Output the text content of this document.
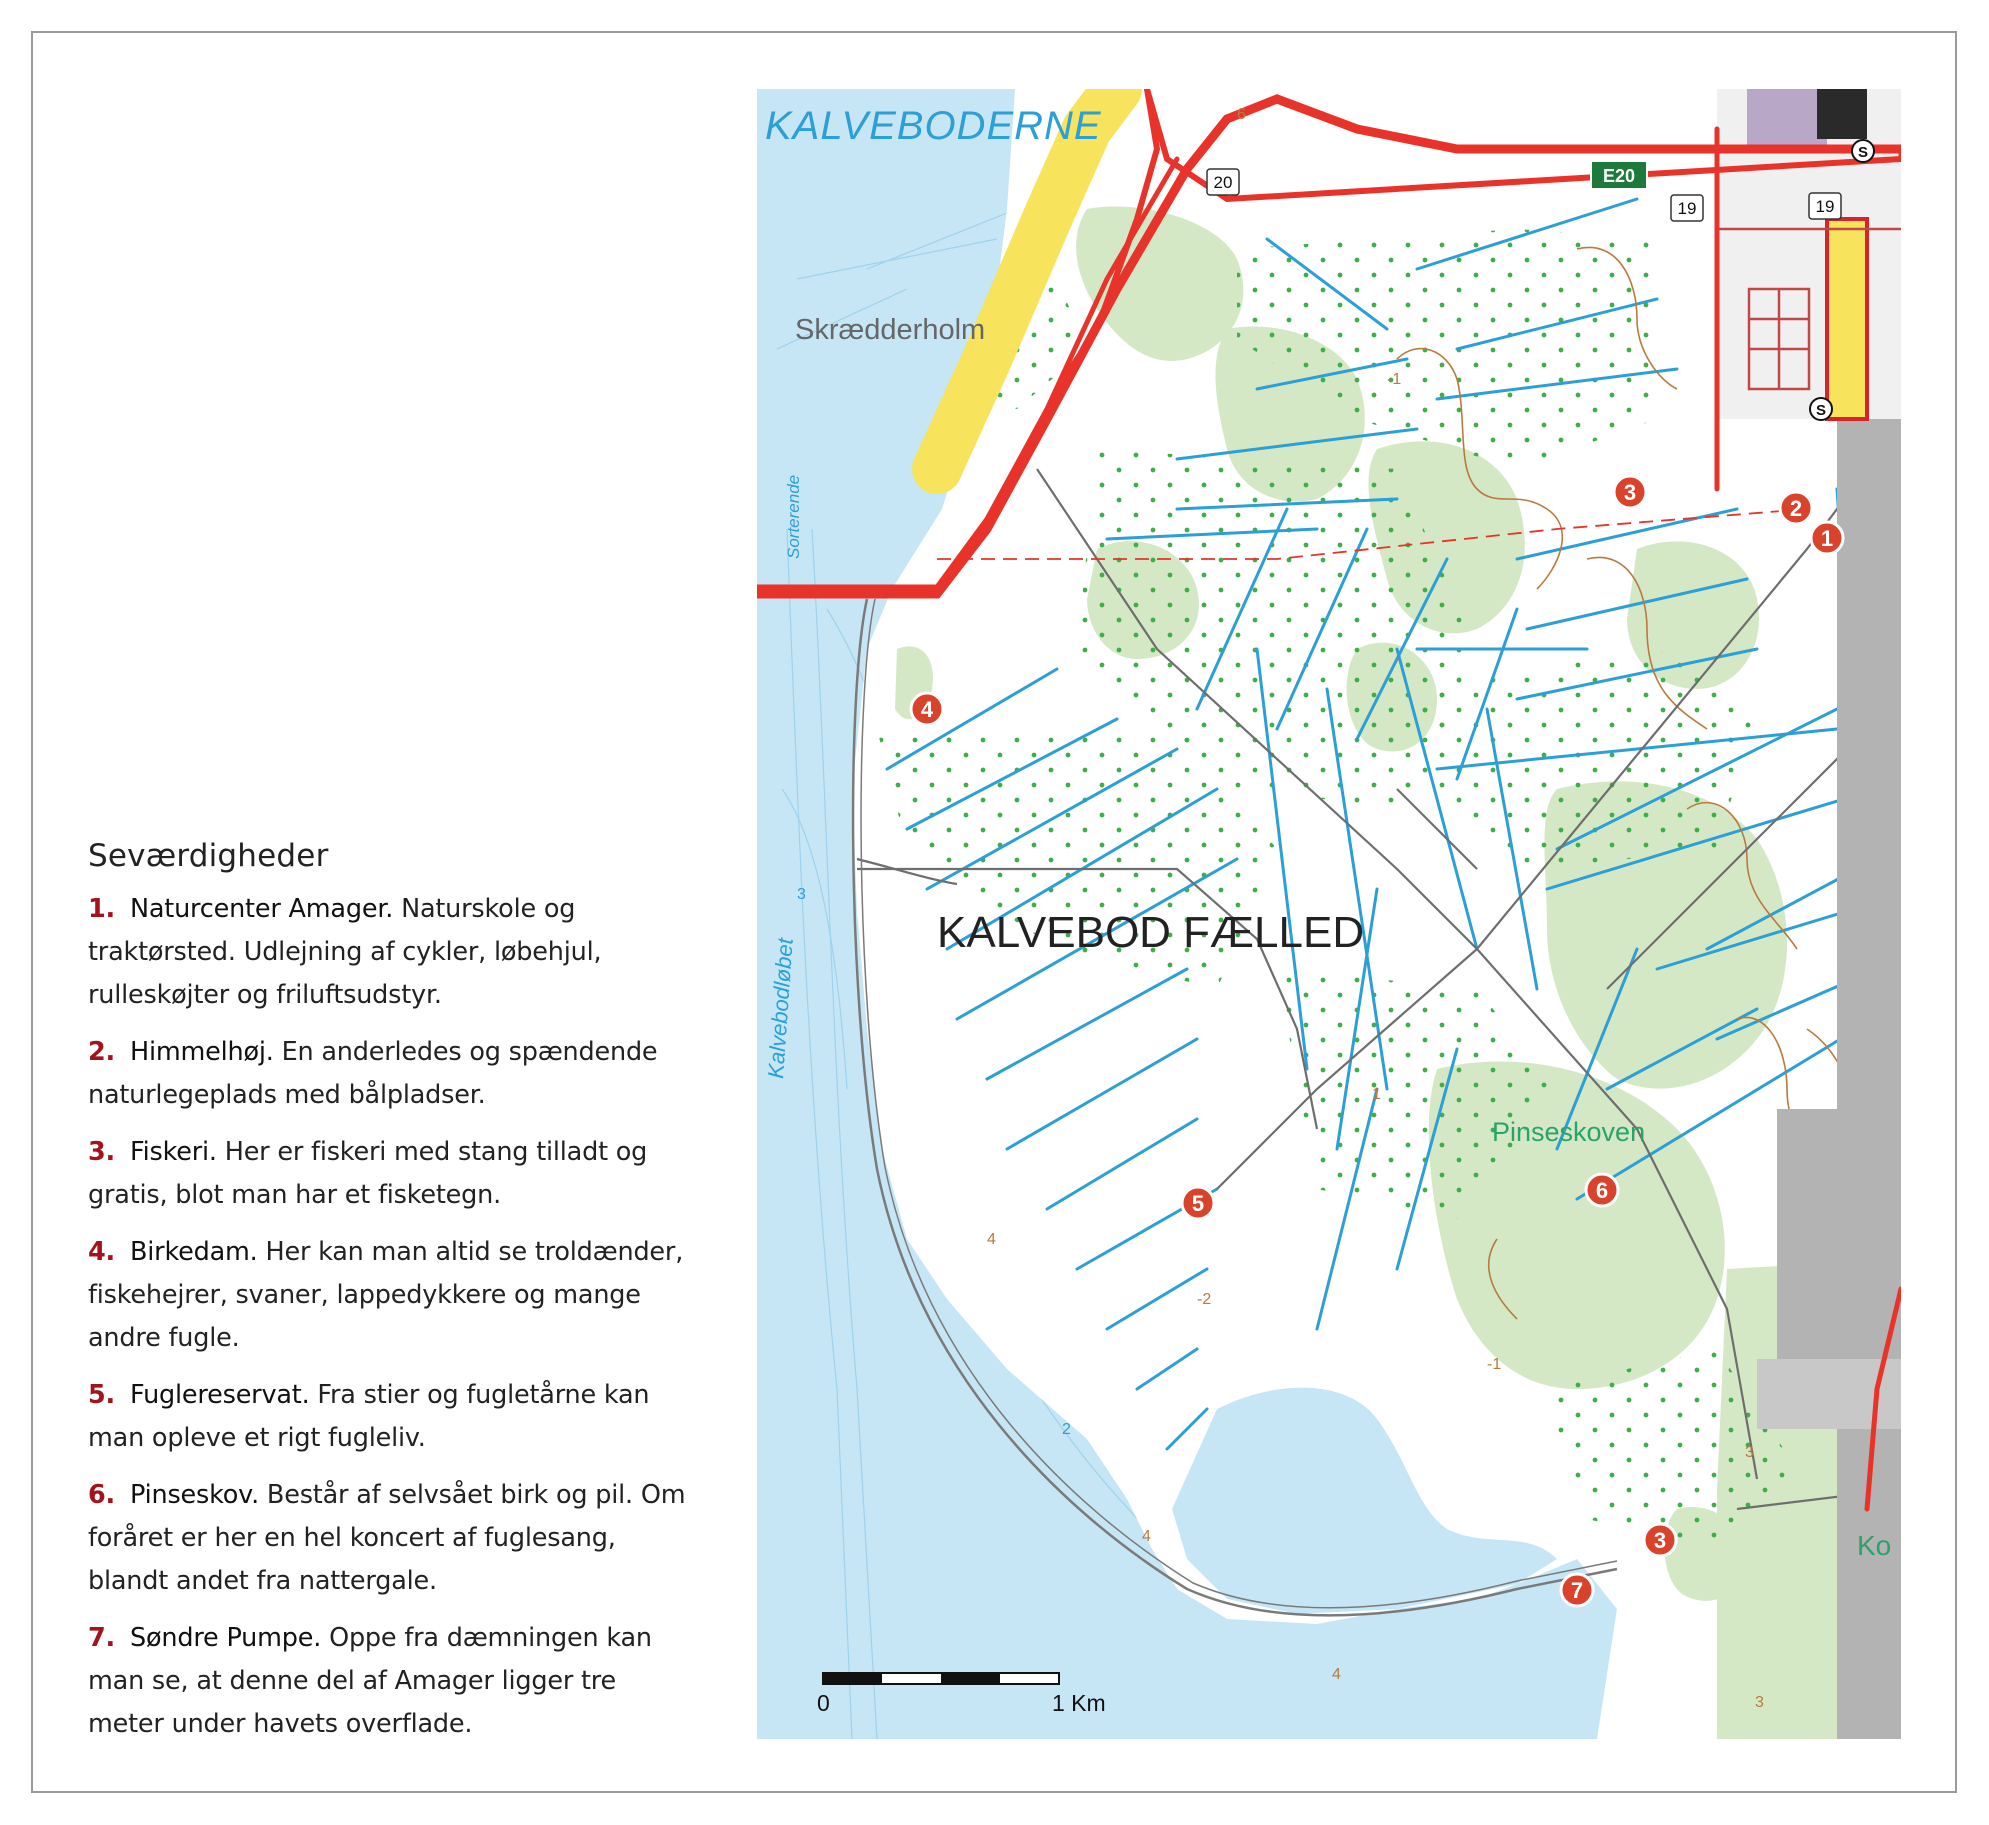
Seværdigheder
1. Naturcenter Amager. Naturskole og traktørsted. Udlejning af cykler, løbehjul, rulleskøjter og friluftsudstyr.
2. Himmelhøj. En anderledes og spændende naturlegeplads med bålpladser.
3. Fiskeri. Her er fiskeri med stang tilladt og gratis, blot man har et fisketegn.
4. Birkedam. Her kan man altid se troldænder, fiskehejrer, svaner, lappedykkere og mange andre fugle.
5. Fuglereservat. Fra stier og fugletårne kan man opleve et rigt fugleliv.
6. Pinseskov. Består af selvsået birk og pil. Om foråret er her en hel koncert af fuglesang, blandt andet fra nattergale.
7. Søndre Pumpe. Oppe fra dæmningen kan man se, at denne del af Amager ligger tre meter under havets overflade.
KALVEBODERNE
Skrædderholm
Sorterende
Kalvebodløbet
KALVEBOD FÆLLED
Pinseskoven
Ko
6
3
4
2
4
4
-1
-1
1
-2
3
3
E20
20
19	19
S
S
1
2
3
4
5
6
3
7
0	1 Km
